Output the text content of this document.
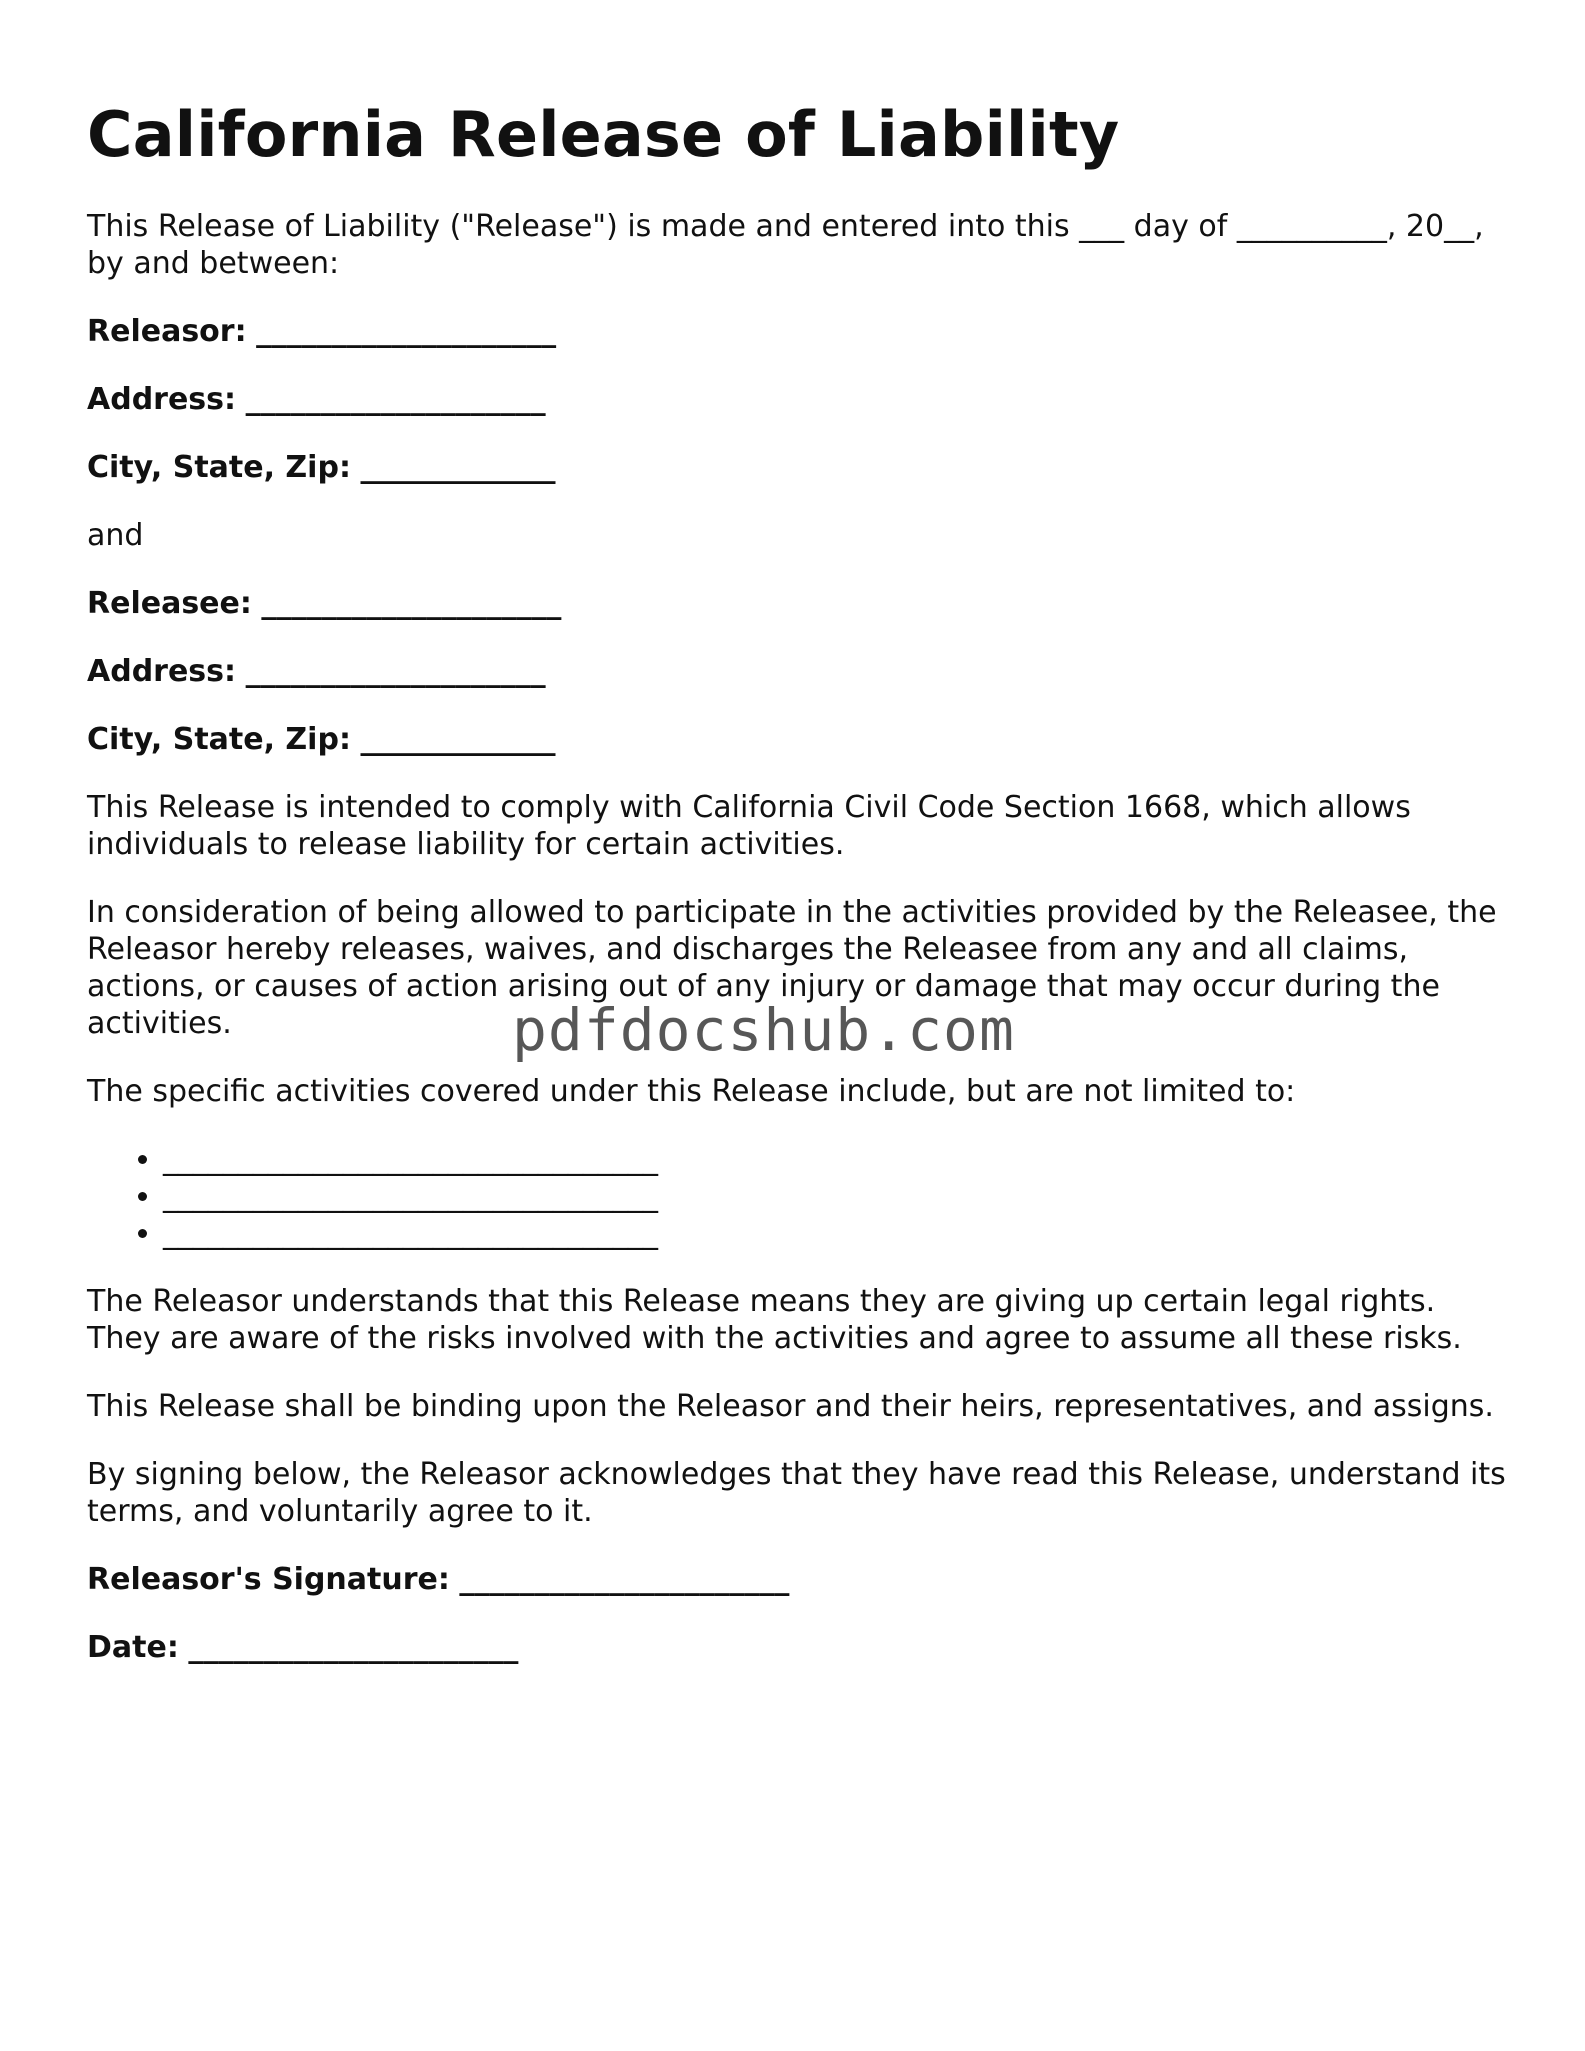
California Release of Liability

This Release of Liability ("Release") is made and entered into this ___ day of __________, 20__, by and between:

Releasor: ____________________
Address: ____________________
City, State, Zip: _____________

and

Releasee: ____________________
Address: ____________________
City, State, Zip: _____________

This Release is intended to comply with California Civil Code Section 1668, which allows individuals to release liability for certain activities.

In consideration of being allowed to participate in the activities provided by the Releasee, the Releasor hereby releases, waives, and discharges the Releasee from any and all claims, actions, or causes of action arising out of any injury or damage that may occur during the activities.

The specific activities covered under this Release include, but are not limited to:

• _________________________________
• _________________________________
• _________________________________

The Releasor understands that this Release means they are giving up certain legal rights. They are aware of the risks involved with the activities and agree to assume all these risks.

This Release shall be binding upon the Releasor and their heirs, representatives, and assigns.

By signing below, the Releasor acknowledges that they have read this Release, understand its terms, and voluntarily agree to it.

Releasor's Signature: ______________________
Date: ______________________
pdfdocshub.com
